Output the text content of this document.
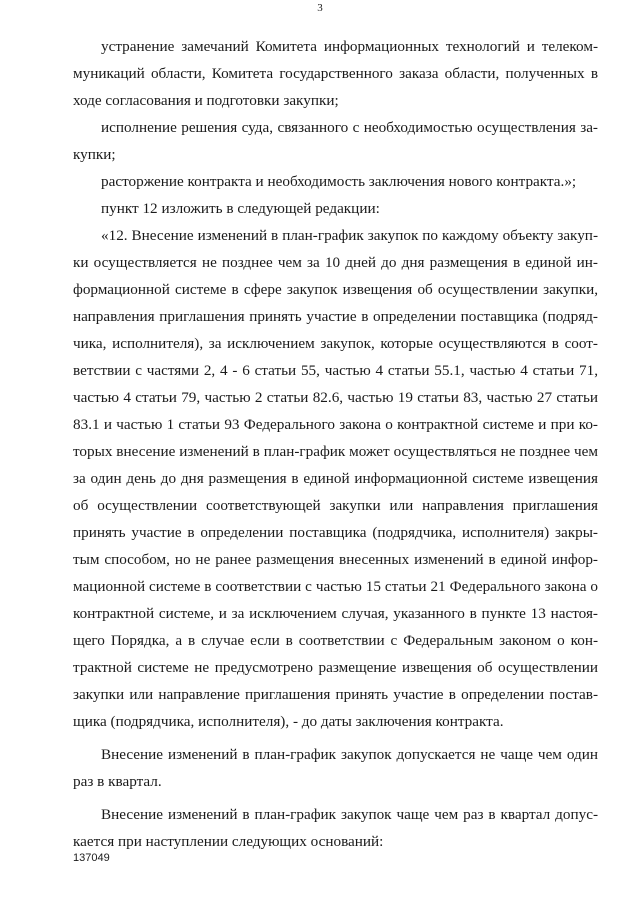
3
устранение замечаний Комитета информационных технологий и телеком-
муникаций области, Комитета государственного заказа области, полученных в
ходе согласования и подготовки закупки;
исполнение решения суда, связанного с необходимостью осуществления за-
купки;
расторжение контракта и необходимость заключения нового контракта.»;
пункт 12 изложить в следующей редакции:
«12. Внесение изменений в план-график закупок по каждому объекту закуп-
ки осуществляется не позднее чем за 10 дней до дня размещения в единой ин-
формационной системе в сфере закупок извещения об осуществлении закупки,
направления приглашения принять участие в определении поставщика (подряд-
чика, исполнителя), за исключением закупок, которые осуществляются в соот-
ветствии с частями 2, 4 - 6 статьи 55, частью 4 статьи 55.1, частью 4 статьи 71,
частью 4 статьи 79, частью 2 статьи 82.6, частью 19 статьи 83, частью 27 статьи
83.1 и частью 1 статьи 93 Федерального закона о контрактной системе и при ко-
торых внесение изменений в план-график может осуществляться не позднее чем
за один день до дня размещения в единой информационной системе извещения
об осуществлении соответствующей закупки или направления приглашения
принять участие в определении поставщика (подрядчика, исполнителя) закры-
тым способом, но не ранее размещения внесенных изменений в единой инфор-
мационной системе в соответствии с частью 15 статьи 21 Федерального закона о
контрактной системе, и за исключением случая, указанного в пункте 13 настоя-
щего Порядка, а в случае если в соответствии с Федеральным законом о кон-
трактной системе не предусмотрено размещение извещения об осуществлении
закупки или направление приглашения принять участие в определении постав-
щика (подрядчика, исполнителя), - до даты заключения контракта.
Внесение изменений в план-график закупок допускается не чаще чем один
раз в квартал.
Внесение изменений в план-график закупок чаще чем раз в квартал допус-
кается при наступлении следующих оснований:
137049
